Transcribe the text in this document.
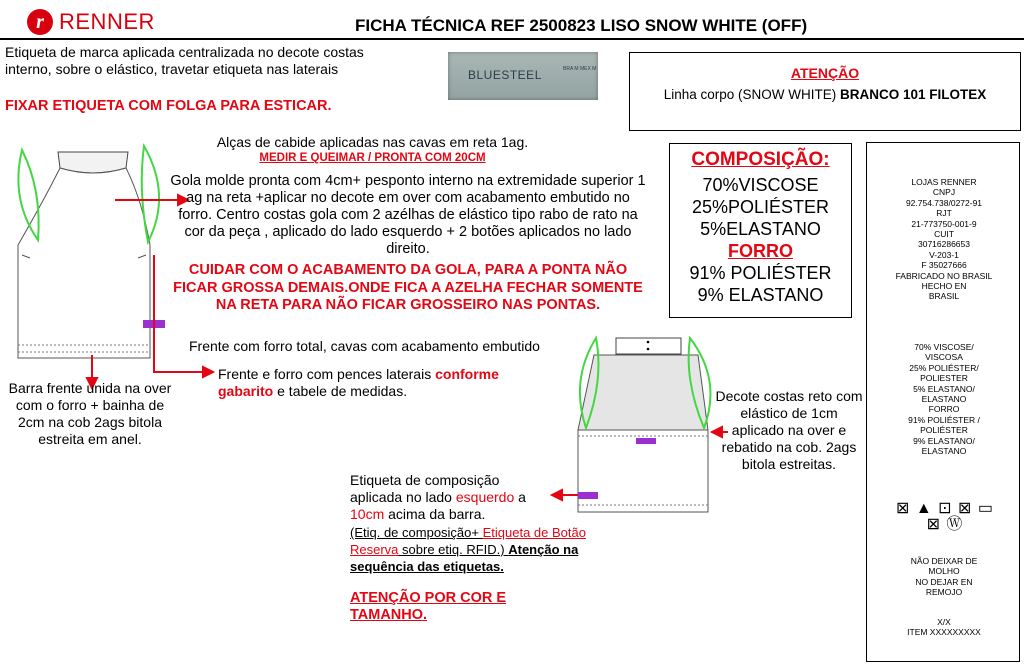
r RENNER	FICHA TÉCNICA REF 2500823 LISO SNOW WHITE (OFF)
Etiqueta de marca aplicada centralizada no decote costas interno, sobre o elástico, travetar etiqueta nas laterais
FIXAR ETIQUETA COM FOLGA PARA ESTICAR.
BLUESTEEL	BRA M MEX M	ATENÇÃO
Linha corpo (SNOW WHITE) BRANCO 101 FILOTEX
COMPOSIÇÃO:
70%VISCOSE
25%POLIÉSTER
5%ELASTANO
FORRO
91% POLIÉSTER
9% ELASTANO
LOJAS RENNER
CNPJ
92.754.738/0272-91
RJT
21-773750-001-9
CUIT
30716286653
V-203-1
F 35027666
FABRICADO NO BRASIL
HECHO EN
BRASIL
70% VISCOSE/
VISCOSA
25% POLIÉSTER/
POLIESTER
5% ELASTANO/
ELASTANO
FORRO
91% POLIÉSTER /
POLIÉSTER
9% ELASTANO/
ELASTANO
⊠ ▲ ⊡ ⊠ ▭
⊠ Ⓦ
NÃO DEIXAR DE
MOLHO
NO DEJAR EN
REMOJO
X/X
ITEM XXXXXXXXX
Alças de cabide aplicadas nas cavas em reta 1ag.
MEDIR E QUEIMAR / PRONTA COM 20CM
Gola molde pronta com 4cm+ pesponto interno na extremidade superior 1 ag na reta +aplicar no decote em over com acabamento embutido no forro. Centro costas gola com 2 azélhas de elástico tipo rabo de rato na cor da peça , aplicado do lado esquerdo + 2 botões aplicados no lado direito.
CUIDAR COM O ACABAMENTO DA GOLA, PARA A PONTA NÃO FICAR GROSSA DEMAIS.ONDE FICA A AZELHA FECHAR SOMENTE NA RETA PARA NÃO FICAR GROSSEIRO NAS PONTAS.
Frente com forro total, cavas com acabamento embutido
Frente e forro com pences laterais conforme gabarito e tabele de medidas.
Barra frente unida na over com o forro + bainha de 2cm na cob 2ags bitola estreita em anel.
Decote costas reto com elástico de 1cm aplicado na over e rebatido na cob. 2ags bitola estreitas.
Etiqueta de composição aplicada no lado esquerdo a 10cm acima da barra.
(Etiq. de composição+ Etiqueta de Botão Reserva sobre etiq. RFID.) Atenção na sequência das etiquetas.
ATENÇÃO POR COR E TAMANHO.
